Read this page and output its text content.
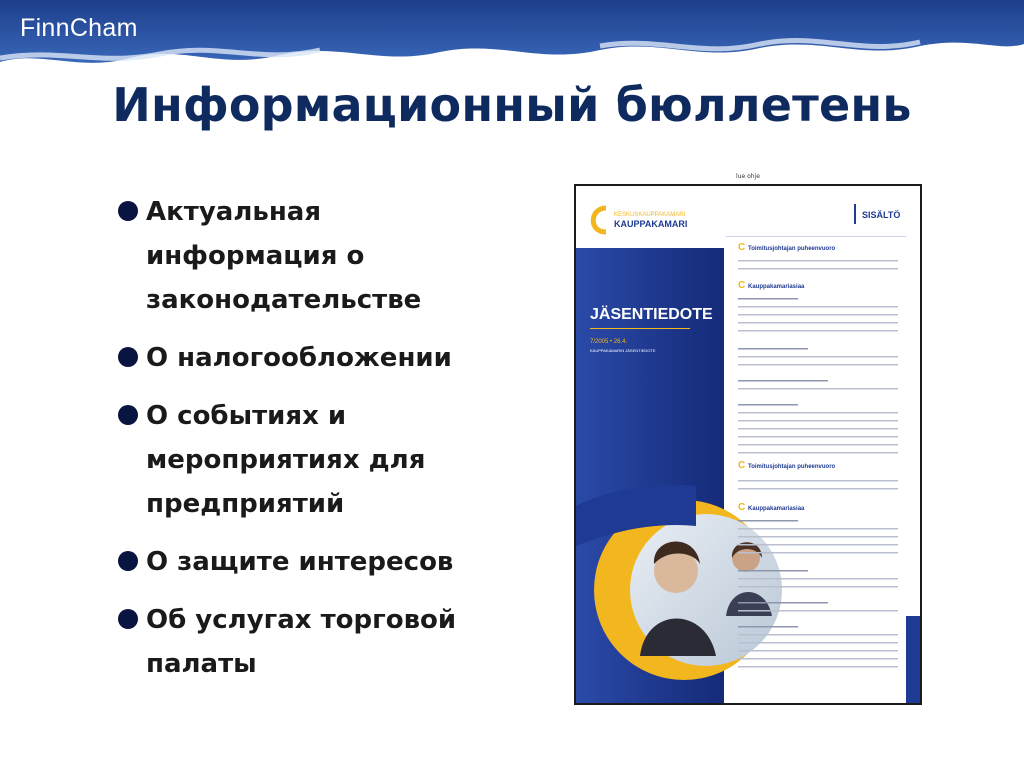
FinnCham
Информационный бюллетень
Актуальная информация о законодательстве
О налогообложении
О событиях и мероприятиях для предприятий
О защите интересов
Об услугах торговой палаты
lue ohje
KESKUSKAUPPAKAMARI
KAUPPAKAMARI
JÄSENTIEDOTE
7/2005 • 26.4.
KAUPPAKAMARIN JÄSENTIEDOTE
SISÄLTÖ
C Toimitusjohtajan puheenvuoro
C Kauppakamariasiaa
C Toimitusjohtajan puheenvuoro
C Kauppakamariasiaa
